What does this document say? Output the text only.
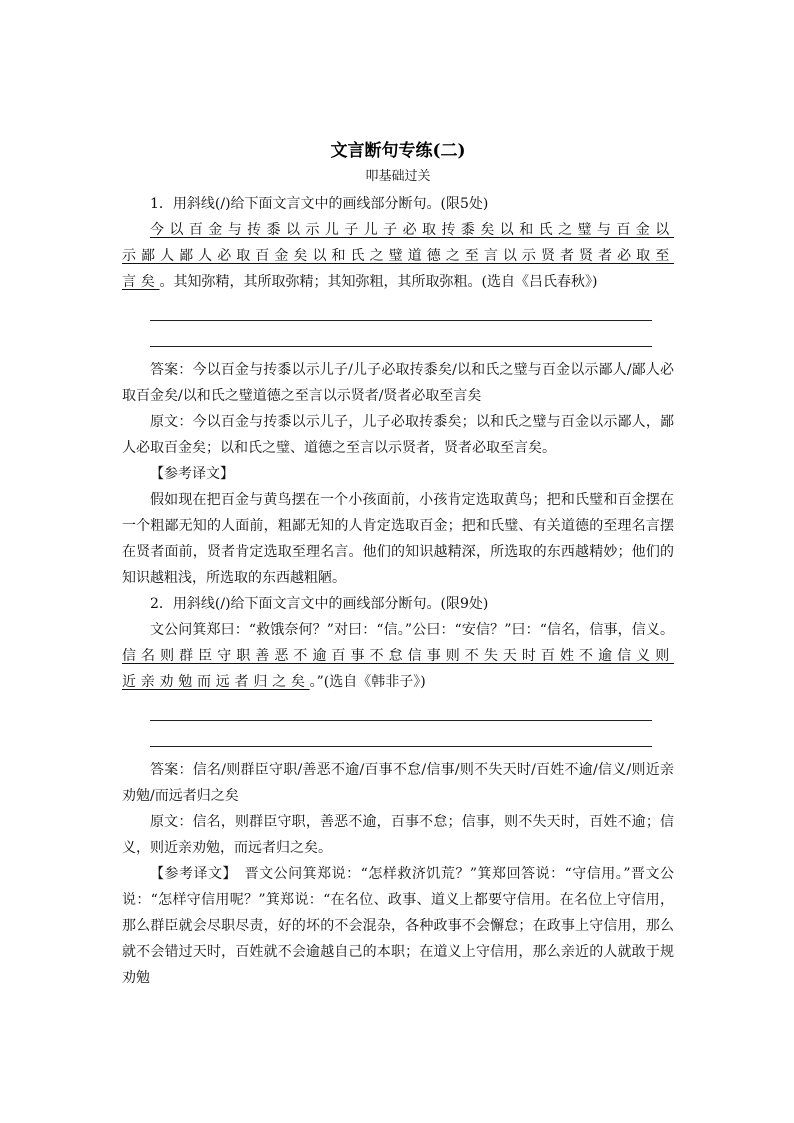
文言断句专练(二)
叩基础过关

1．用斜线(/)给下面文言文中的画线部分断句。(限5处)

今以百金与抟黍以示儿子儿子必取抟黍矣以和氏之璧与百金以示鄙人鄙人必取百金矣以和氏之璧道德之至言以示贤者贤者必取至言矣。其知弥精，其所取弥精；其知弥粗，其所取弥粗。(选自《吕氏春秋》)

答案：今以百金与抟黍以示儿子/儿子必取抟黍矣/以和氏之璧与百金以示鄙人/鄙人必取百金矣/以和氏之璧道德之至言以示贤者/贤者必取至言矣

原文：今以百金与抟黍以示儿子，儿子必取抟黍矣；以和氏之璧与百金以示鄙人，鄙人必取百金矣；以和氏之璧、道德之至言以示贤者，贤者必取至言矣。

【参考译文】

假如现在把百金与黄鸟摆在一个小孩面前，小孩肯定选取黄鸟；把和氏璧和百金摆在一个粗鄙无知的人面前，粗鄙无知的人肯定选取百金；把和氏璧、有关道德的至理名言摆在贤者面前，贤者肯定选取至理名言。他们的知识越精深，所选取的东西越精妙；他们的知识越粗浅，所选取的东西越粗陋。

2．用斜线(/)给下面文言文中的画线部分断句。(限9处)

文公问箕郑曰：“救饿奈何？”对曰：“信。”公曰：“安信？”曰：“信名，信事，信义。信名则群臣守职善恶不逾百事不怠信事则不失天时百姓不逾信义则近亲劝勉而远者归之矣。”(选自《韩非子》)

答案：信名/则群臣守职/善恶不逾/百事不怠/信事/则不失天时/百姓不逾/信义/则近亲劝勉/而远者归之矣

原文：信名，则群臣守职，善恶不逾，百事不怠；信事，则不失天时，百姓不逾；信义，则近亲劝勉，而远者归之矣。

【参考译文】　 晋文公问箕郑说：“怎样救济饥荒？”箕郑回答说：“守信用。”晋文公说：“怎样守信用呢？”箕郑说：“在名位、政事、道义上都要守信用。在名位上守信用，那么群臣就会尽职尽责，好的坏的不会混杂，各种政事不会懈怠；在政事上守信用，那么就不会错过天时，百姓就不会逾越自己的本职；在道义上守信用，那么亲近的人就敢于规劝勉
